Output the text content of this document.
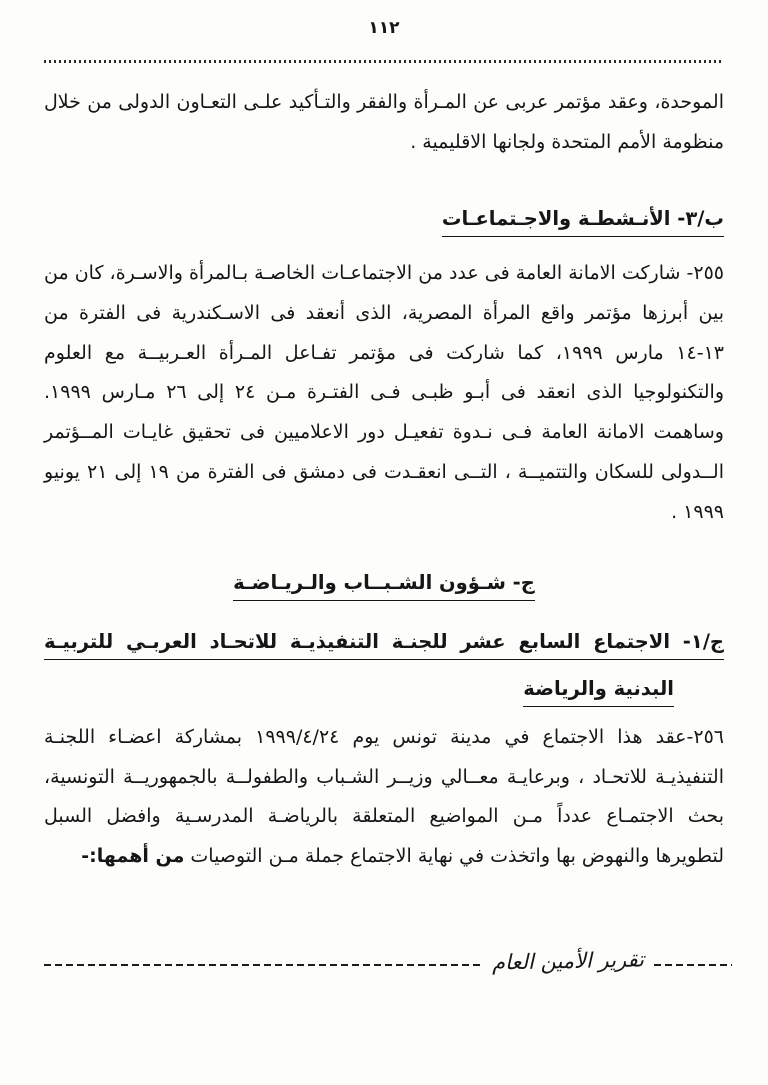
١١٢

الموحدة، وعقد مؤتمر عربى عن المـرأة والفقر والتـأكيد علـى التعـاون الدولى من خلال منظومة الأمم المتحدة ولجانها الاقليمية .

ب/٣- الأنـشطـة والاجـتماعـات

٢٥٥- شاركت الامانة العامة فى عدد من الاجتماعـات الخاصـة بـالمرأة والاسـرة، كان من بين أبرزها مؤتمر واقع المرأة المصرية، الذى أنعقد فى الاسـكندرية فى الفترة من ١٣-١٤ مارس ١٩٩٩، كما شاركت فى مؤتمر تفـاعل المـرأة العـربيــة مع العلوم والتكنولوجيا الذى انعقد فى أبـو ظبـى فـى الفتـرة مـن ٢٤ إلى ٢٦ مـارس ١٩٩٩. وساهمت الامانة العامة فـى نـدوة تفعيـل دور الاعلاميين فى تحقيق غايـات المــؤتمر الــدولى للسكان والتتميــة ، التــى انعقـدت فى دمشق فى الفترة من ١٩ إلى ٢١ يونيو ١٩٩٩ .

ج- شـؤون الشـبــاب والـريـاضـة
ج/١- الاجتماع السابع عشر للجنـة التنفيذيـة للاتحـاد العربـي للتربيـة
البدنية والرياضة

٢٥٦-عقد هذا الاجتماع في مدينة تونس يوم ١٩٩٩/٤/٢٤ بمشاركة اعضـاء اللجنـة التنفيذيـة للاتحـاد ، وبرعايـة معــالي وزيــر الشـباب والطفولــة بالجمهوريــة التونسية، بحث الاجتمـاع عدداً مـن المواضيع المتعلقة بالرياضـة المدرسـية وافضل السبل لتطويرها والنهوض بها واتخذت في نهاية الاجتماع جملة مـن التوصيات من أهمها:-

تقرير الأمين العام
